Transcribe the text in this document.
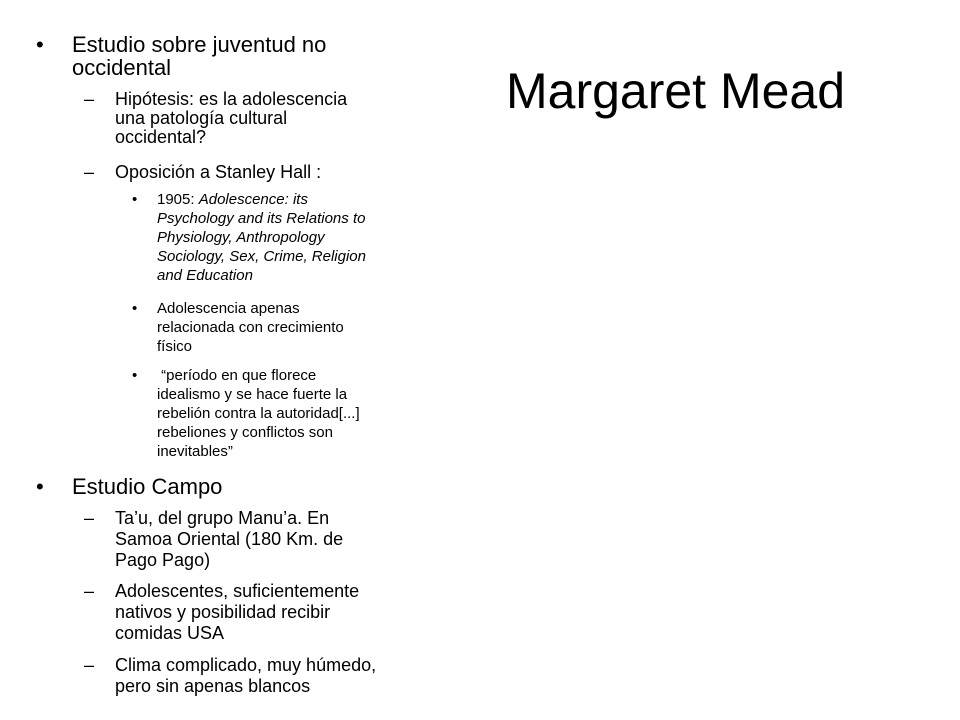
Margaret Mead
• Estudio sobre juventud no
occidental
– Hipótesis: es la adolescencia
una patología cultural
occidental?
– Oposición a Stanley Hall :
• 1905: Adolescence: its
Psychology and its Relations to
Physiology, Anthropology
Sociology, Sex, Crime, Religion
and Education
• Adolescencia apenas
relacionada con crecimiento
físico
• “período en que florece
idealismo y se hace fuerte la
rebelión contra la autoridad[...]
rebeliones y conflictos son
inevitables”
• Estudio Campo
– Ta’u, del grupo Manu’a. En
Samoa Oriental (180 Km. de
Pago Pago)
– Adolescentes, suficientemente
nativos y posibilidad recibir
comidas USA
– Clima complicado, muy húmedo,
pero sin apenas blancos
